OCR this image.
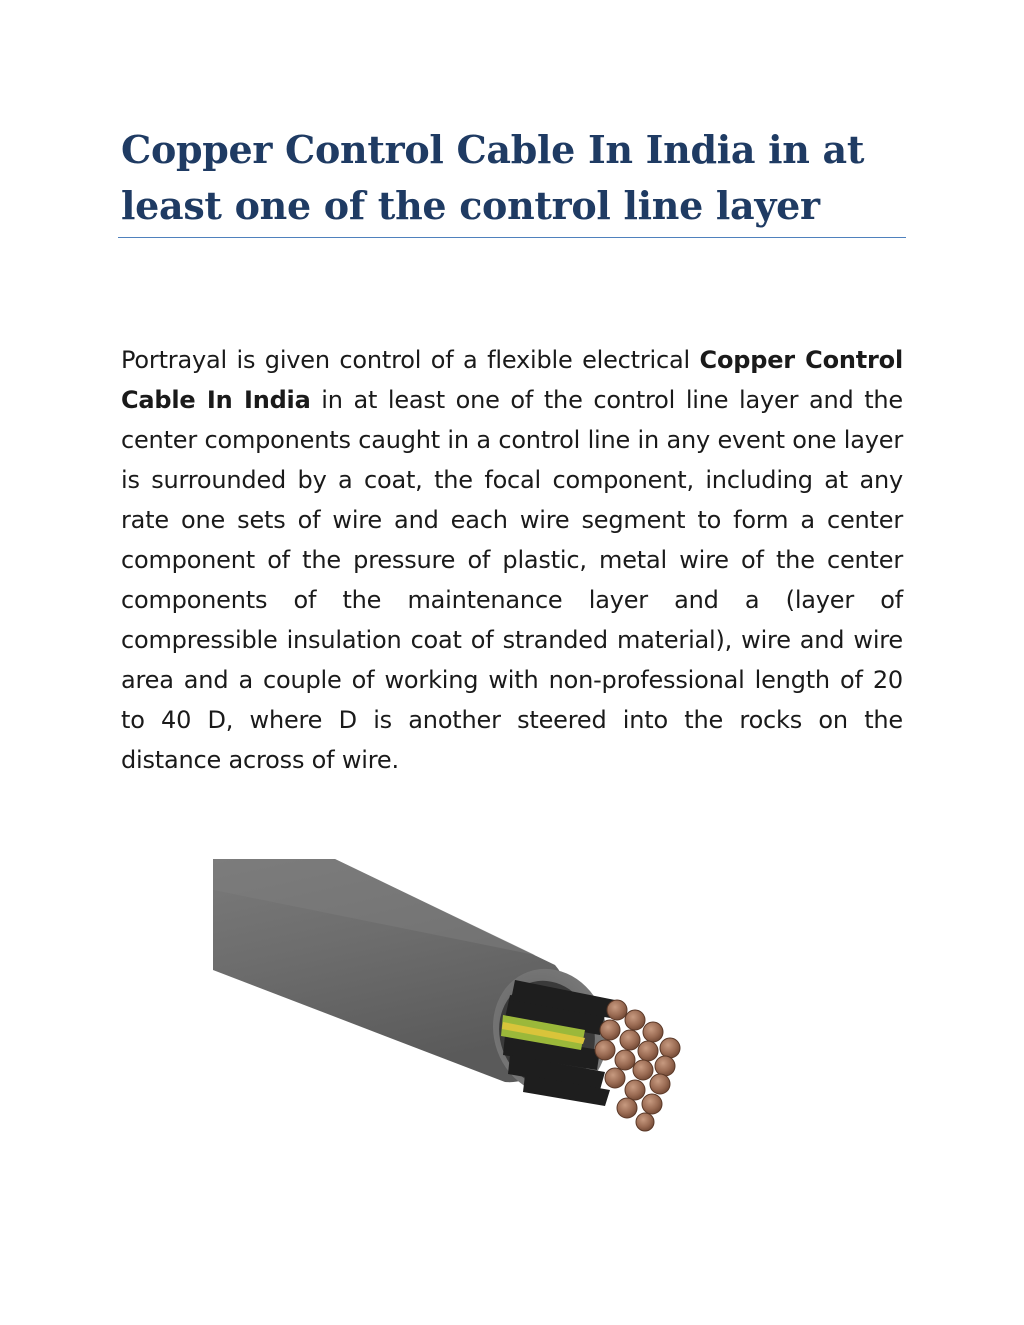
Copper Control Cable In India in at least one of the control line layer

Portrayal is given control of a flexible electrical Copper Control Cable In India in at least one of the control line layer and the center components caught in a control line in any event one layer is surrounded by a coat, the focal component, including at any rate one sets of wire and each wire segment to form a center component of the pressure of plastic, metal wire of the center components of the maintenance layer and a (layer of compressible insulation coat of stranded material), wire and wire area and a couple of working with non-professional length of 20 to 40 D, where D is another steered into the rocks on the distance across of wire.
